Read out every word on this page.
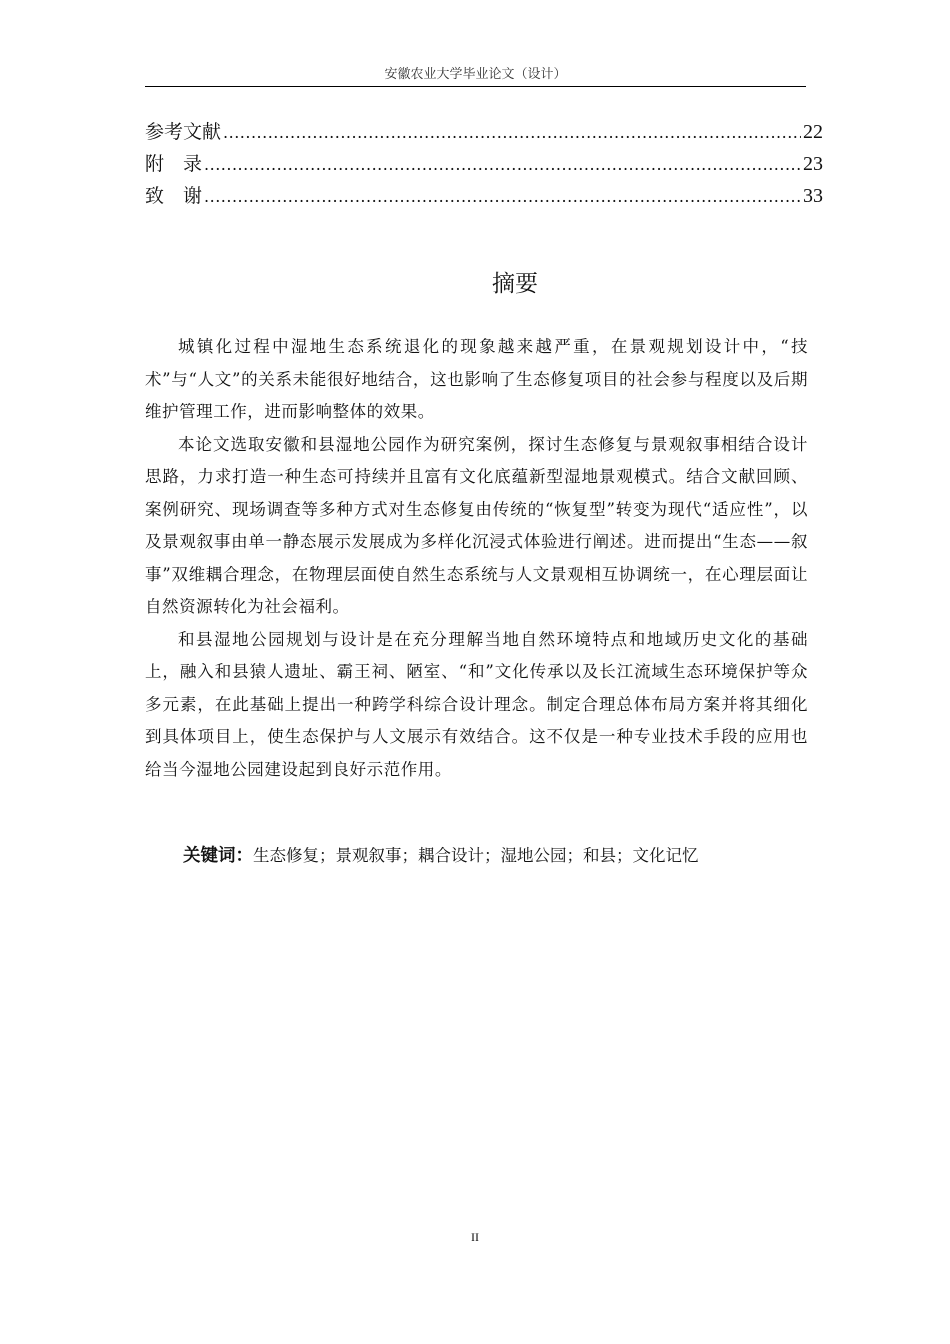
安徽农业大学毕业论文（设计）
参考文献 .....	22
附　录 .....	23
致　谢 .....	33
摘要

城镇化过程中湿地生态系统退化的现象越来越严重，在景观规划设计中，“技术”与“人文”的关系未能很好地结合，这也影响了生态修复项目的社会参与程度以及后期维护管理工作，进而影响整体的效果。

本论文选取安徽和县湿地公园作为研究案例，探讨生态修复与景观叙事相结合设计思路，力求打造一种生态可持续并且富有文化底蕴新型湿地景观模式。结合文献回顾、案例研究、现场调查等多种方式对生态修复由传统的“恢复型”转变为现代“适应性”，以及景观叙事由单一静态展示发展成为多样化沉浸式体验进行阐述。进而提出“生态——叙事”双维耦合理念，在物理层面使自然生态系统与人文景观相互协调统一，在心理层面让自然资源转化为社会福利。

和县湿地公园规划与设计是在充分理解当地自然环境特点和地域历史文化的基础上，融入和县猿人遗址、霸王祠、陋室、“和”文化传承以及长江流域生态环境保护等众多元素，在此基础上提出一种跨学科综合设计理念。制定合理总体布局方案并将其细化到具体项目上，使生态保护与人文展示有效结合。这不仅是一种专业技术手段的应用也给当今湿地公园建设起到良好示范作用。

关键词：生态修复；景观叙事；耦合设计；湿地公园；和县；文化记忆
II
